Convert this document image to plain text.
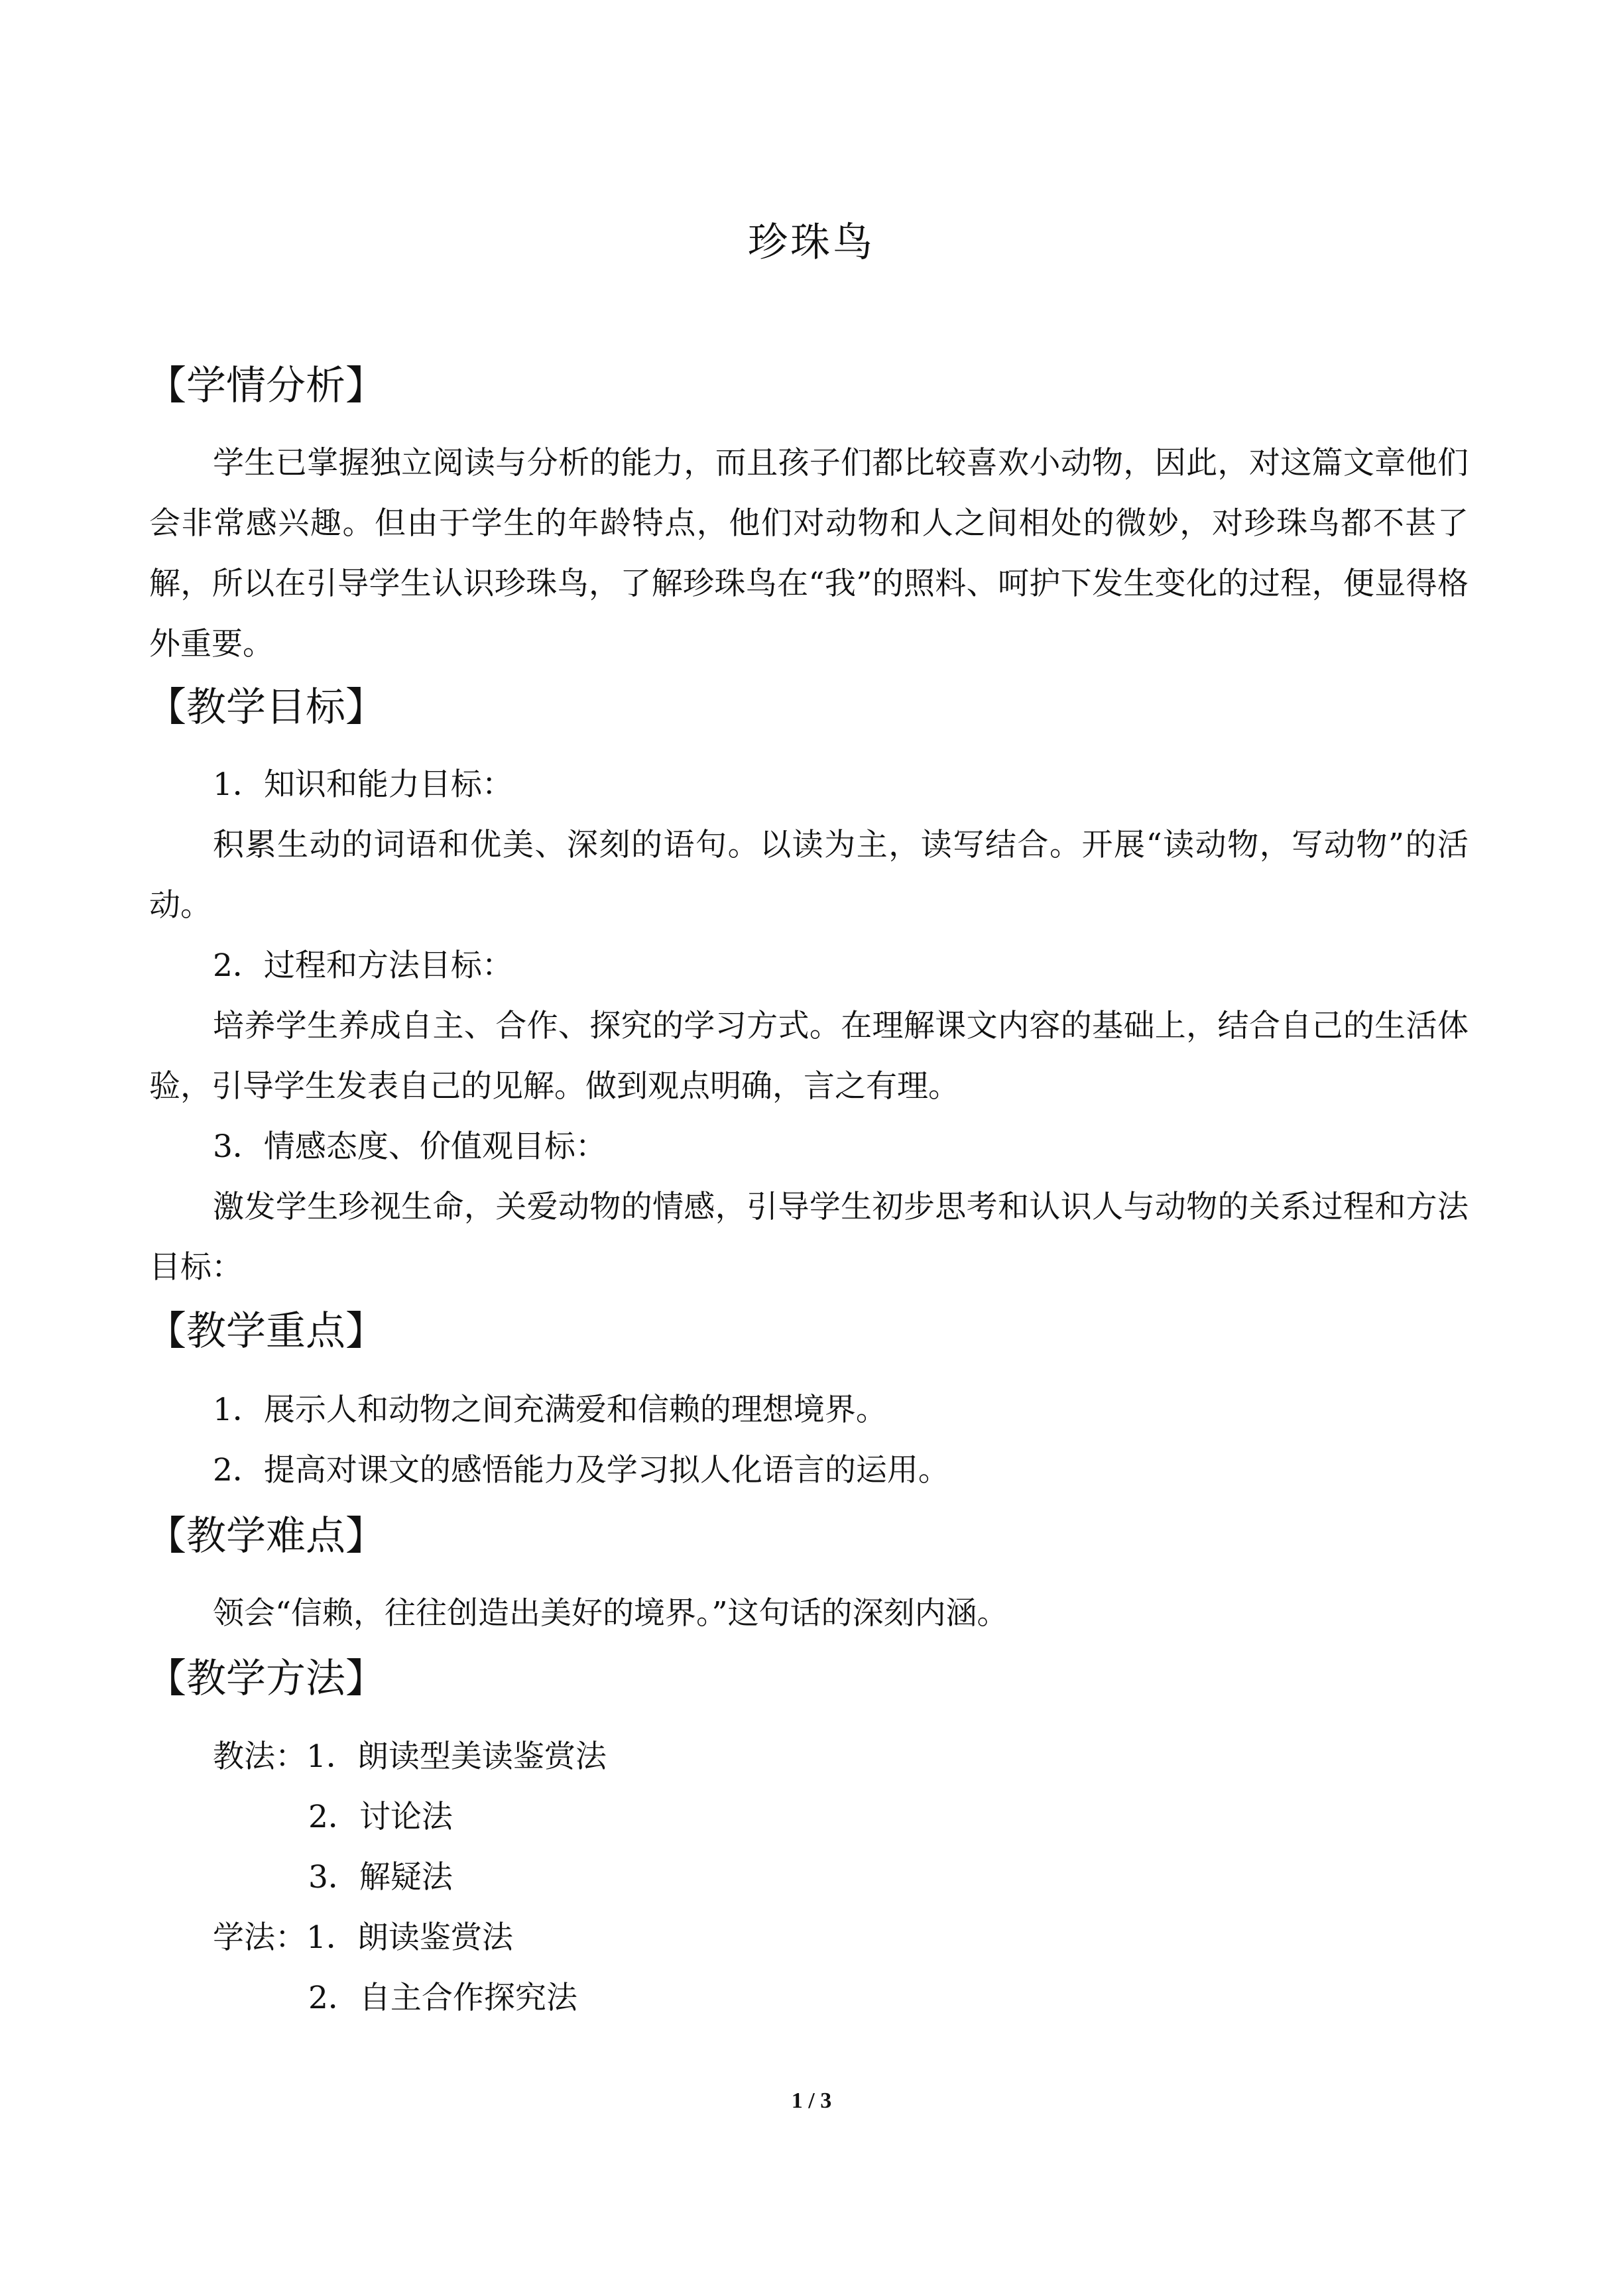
珍珠鸟
【学情分析】
学生已掌握独立阅读与分析的能力，而且孩子们都比较喜欢小动物，因此，对这篇文章他们会非常感兴趣。但由于学生的年龄特点，他们对动物和人之间相处的微妙，对珍珠鸟都不甚了解，所以在引导学生认识珍珠鸟，了解珍珠鸟在“我”的照料、呵护下发生变化的过程，便显得格外重要。
【教学目标】
1．知识和能力目标：
积累生动的词语和优美、深刻的语句。以读为主，读写结合。开展“读动物，写动物”的活动。
2．过程和方法目标：
培养学生养成自主、合作、探究的学习方式。在理解课文内容的基础上，结合自己的生活体验，引导学生发表自己的见解。做到观点明确，言之有理。
3．情感态度、价值观目标：
激发学生珍视生命，关爱动物的情感，引导学生初步思考和认识人与动物的关系过程和方法目标：
【教学重点】
1．展示人和动物之间充满爱和信赖的理想境界。
2．提高对课文的感悟能力及学习拟人化语言的运用。
【教学难点】
领会“信赖，往往创造出美好的境界。”这句话的深刻内涵。
【教学方法】
教法：1．朗读型美读鉴赏法
2．讨论法
3．解疑法
学法：1．朗读鉴赏法
2．自主合作探究法
1 / 3
